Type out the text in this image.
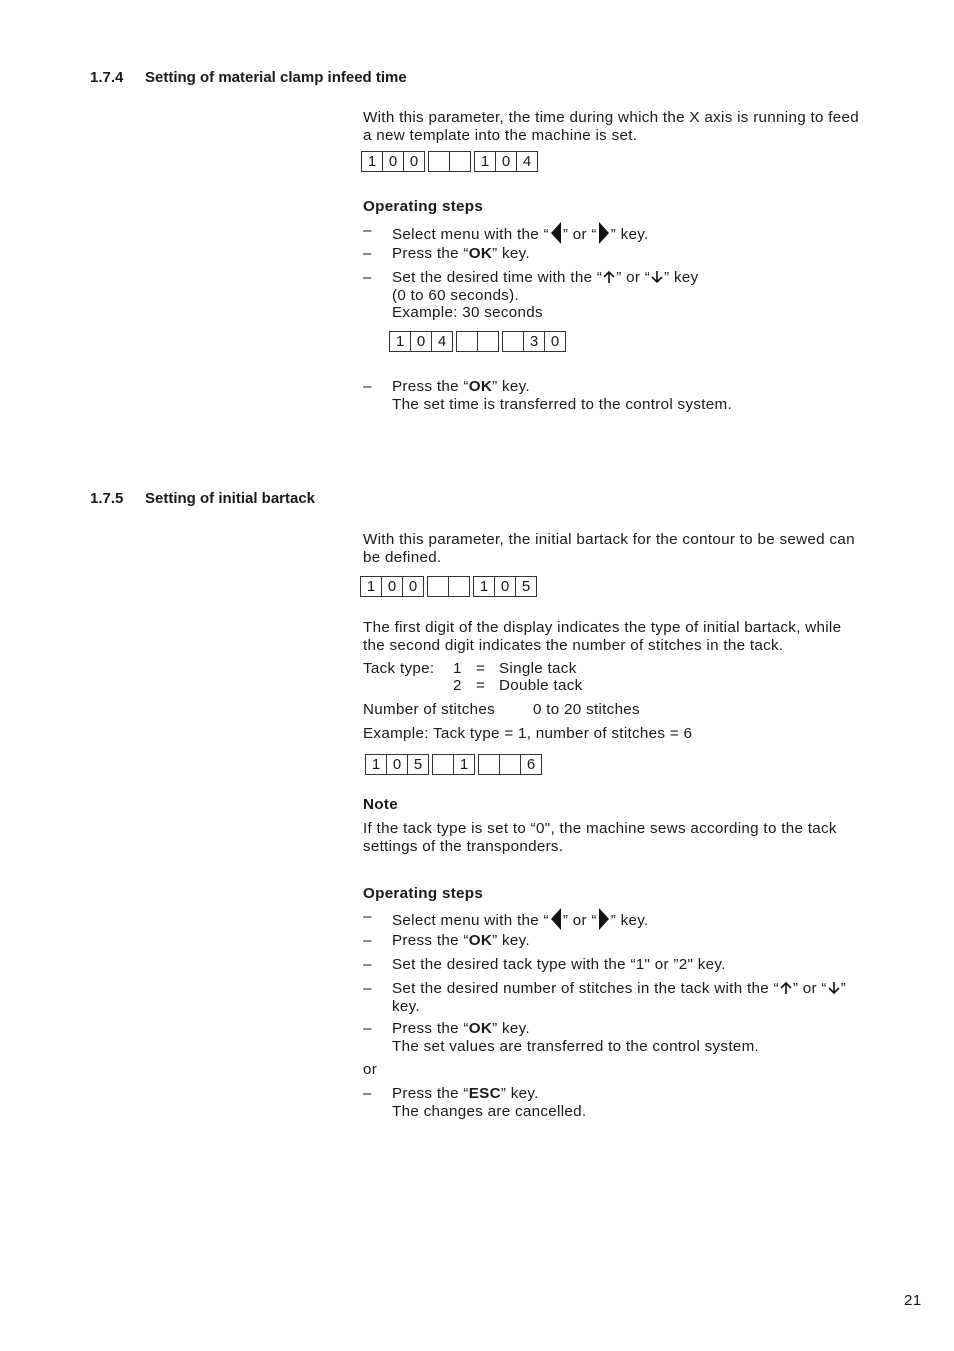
1.7.4 Setting of material clamp infeed time
With this parameter, the time during which the X axis is running to feed
a new template into the machine is set.
1 0 0	1 0 4
Operating steps
– Select menu with the “ ” or “ ” key.
– Press the “OK” key.
– Set the desired time with the “ ” or “ ” key
(0 to 60 seconds).
Example: 30 seconds
1 0 4	3 0
– Press the “OK” key.
The set time is transferred to the control system.
1.7.5 Setting of initial bartack
With this parameter, the initial bartack for the contour to be sewed can
be defined.
1 0 0	1 0 5
The first digit of the display indicates the type of initial bartack, while
the second digit indicates the number of stitches in the tack.
Tack type: 1 = Single tack
2 = Double tack
Number of stitches 0 to 20 stitches
Example: Tack type = 1, number of stitches = 6
1 0 5	1	6
Note
If the tack type is set to “0", the machine sews according to the tack
settings of the transponders.
Operating steps
– Select menu with the “ ” or “ ” key.
– Press the “OK” key.
– Set the desired tack type with the “1" or ”2" key.
– Set the desired number of stitches in the tack with the “ ” or “ ”
key.
– Press the “OK” key.
The set values are transferred to the control system.
or
– Press the “ESC” key.
The changes are cancelled.
21
